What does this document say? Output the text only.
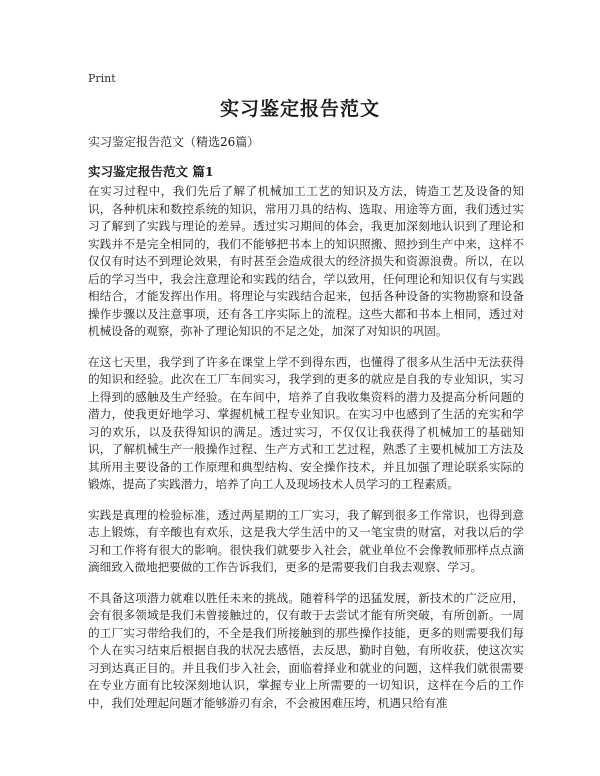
Print
实习鉴定报告范文
实习鉴定报告范文（精选26篇）
实习鉴定报告范文 篇1

在实习过程中，我们先后了解了机械加工工艺的知识及方法，铸造工艺及设备的知识，各种机床和数控系统的知识，常用刀具的结构、选取、用途等方面，我们透过实习了解到了实践与理论的差异。透过实习期间的体会，我更加深刻地认识到了理论和实践并不是完全相同的，我们不能够把书本上的知识照搬、照抄到生产中来，这样不仅仅有时达不到理论效果，有时甚至会造成很大的经济损失和资源浪费。所以，在以后的学习当中，我会注意理论和实践的结合，学以致用，任何理论和知识仅有与实践相结合，才能发挥出作用。将理论与实践结合起来，包括各种设备的实物勘察和设备操作步骤以及注意事项，还有各工序实际上的流程。这些大都和书本上相同，透过对机械设备的观察，弥补了理论知识的不足之处，加深了对知识的巩固。

在这七天里，我学到了许多在课堂上学不到得东西，也懂得了很多从生活中无法获得的知识和经验。此次在工厂车间实习，我学到的更多的就应是自我的专业知识，实习上得到的感触及生产经验。在车间中，培养了自我收集资料的潜力及提高分析问题的潜力，使我更好地学习、掌握机械工程专业知识。在实习中也感到了生活的充实和学习的欢乐，以及获得知识的满足。透过实习，不仅仅让我获得了机械加工的基础知识，了解机械生产一般操作过程、生产方式和工艺过程，熟悉了主要机械加工方法及其所用主要设备的工作原理和典型结构、安全操作技术，并且加强了理论联系实际的锻炼，提高了实践潜力，培养了向工人及现场技术人员学习的工程素质。

实践是真理的检验标准，透过两星期的工厂实习，我了解到很多工作常识，也得到意志上锻炼，有辛酸也有欢乐，这是我大学生活中的又一笔宝贵的财富，对我以后的学习和工作将有很大的影响。很快我们就要步入社会，就业单位不会像教师那样点点滴滴细致入微地把要做的工作告诉我们，更多的是需要我们自我去观察、学习。

不具备这项潜力就难以胜任未来的挑战。随着科学的迅猛发展，新技术的广泛应用，会有很多领域是我们未曾接触过的，仅有敢于去尝试才能有所突破，有所创新。一周的工厂实习带给我们的，不全是我们所接触到的那些操作技能，更多的则需要我们每个人在实习结束后根据自我的状况去感悟，去反思，勤时自勉，有所收获，使这次实习到达真正目的。并且我们步入社会，面临着择业和就业的问题，这样我们就很需要在专业方面有比较深刻地认识，掌握专业上所需要的一切知识，这样在今后的工作中，我们处理起问题才能够游刃有余，不会被困难压垮，机遇只给有准
